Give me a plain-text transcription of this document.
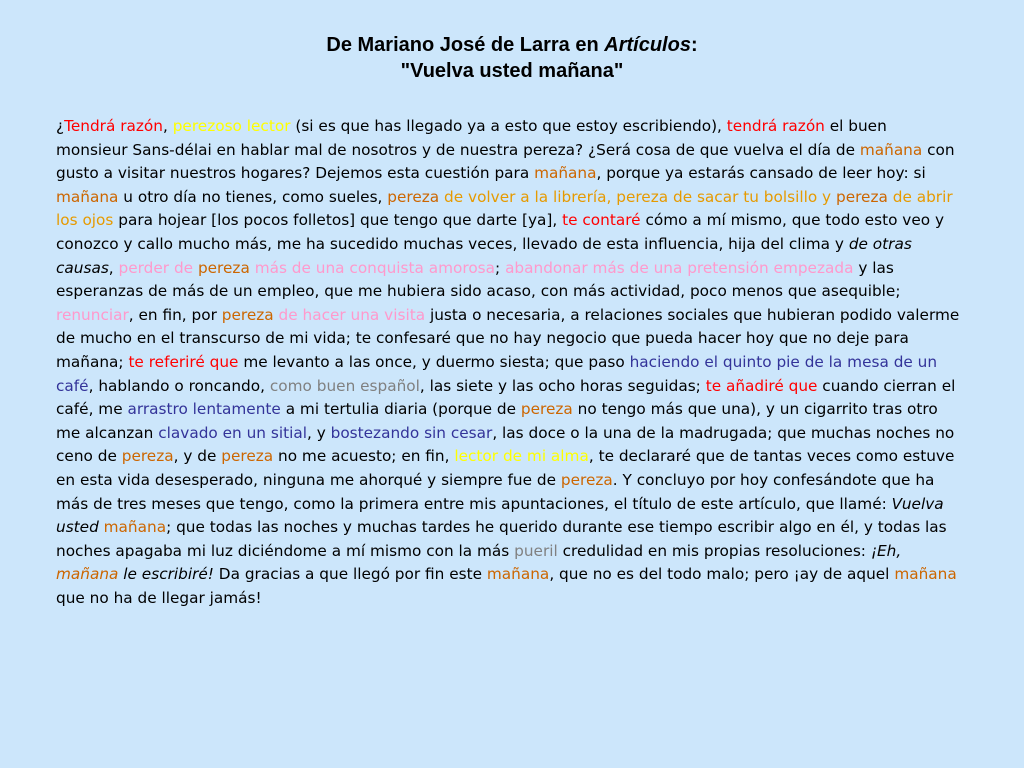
De Mariano José de Larra en Artículos:
"Vuelva usted mañana"
¿Tendrá razón, perezoso lector (si es que has llegado ya a esto que estoy escribiendo), tendrá razón el buen monsieur Sans-délai en hablar mal de nosotros y de nuestra pereza? ¿Será cosa de que vuelva el día de mañana con gusto a visitar nuestros hogares? Dejemos esta cuestión para mañana, porque ya estarás cansado de leer hoy: si mañana u otro día no tienes, como sueles, pereza de volver a la librería, pereza de sacar tu bolsillo y pereza de abrir los ojos para hojear [los pocos folletos] que tengo que darte [ya], te contaré cómo a mí mismo, que todo esto veo y conozco y callo mucho más, me ha sucedido muchas veces, llevado de esta influencia, hija del clima y de otras causas, perder de pereza más de una conquista amorosa; abandonar más de una pretensión empezada y las esperanzas de más de un empleo, que me hubiera sido acaso, con más actividad, poco menos que asequible; renunciar, en fin, por pereza de hacer una visita justa o necesaria, a relaciones sociales que hubieran podido valerme de mucho en el transcurso de mi vida; te confesaré que no hay negocio que pueda hacer hoy que no deje para mañana; te referiré que me levanto a las once, y duermo siesta; que paso haciendo el quinto pie de la mesa de un café, hablando o roncando, como buen español, las siete y las ocho horas seguidas; te añadiré que cuando cierran el café, me arrastro lentamente a mi tertulia diaria (porque de pereza no tengo más que una), y un cigarrito tras otro me alcanzan clavado en un sitial, y bostezando sin cesar, las doce o la una de la madrugada; que muchas noches no ceno de pereza, y de pereza no me acuesto; en fin, lector de mi alma, te declararé que de tantas veces como estuve en esta vida desesperado, ninguna me ahorqué y siempre fue de pereza. Y concluyo por hoy confesándote que ha más de tres meses que tengo, como la primera entre mis apuntaciones, el título de este artículo, que llamé: Vuelva usted mañana; que todas las noches y muchas tardes he querido durante ese tiempo escribir algo en él, y todas las noches apagaba mi luz diciéndome a mí mismo con la más pueril credulidad en mis propias resoluciones: ¡Eh, mañana le escribiré! Da gracias a que llegó por fin este mañana, que no es del todo malo; pero ¡ay de aquel mañana que no ha de llegar jamás!
